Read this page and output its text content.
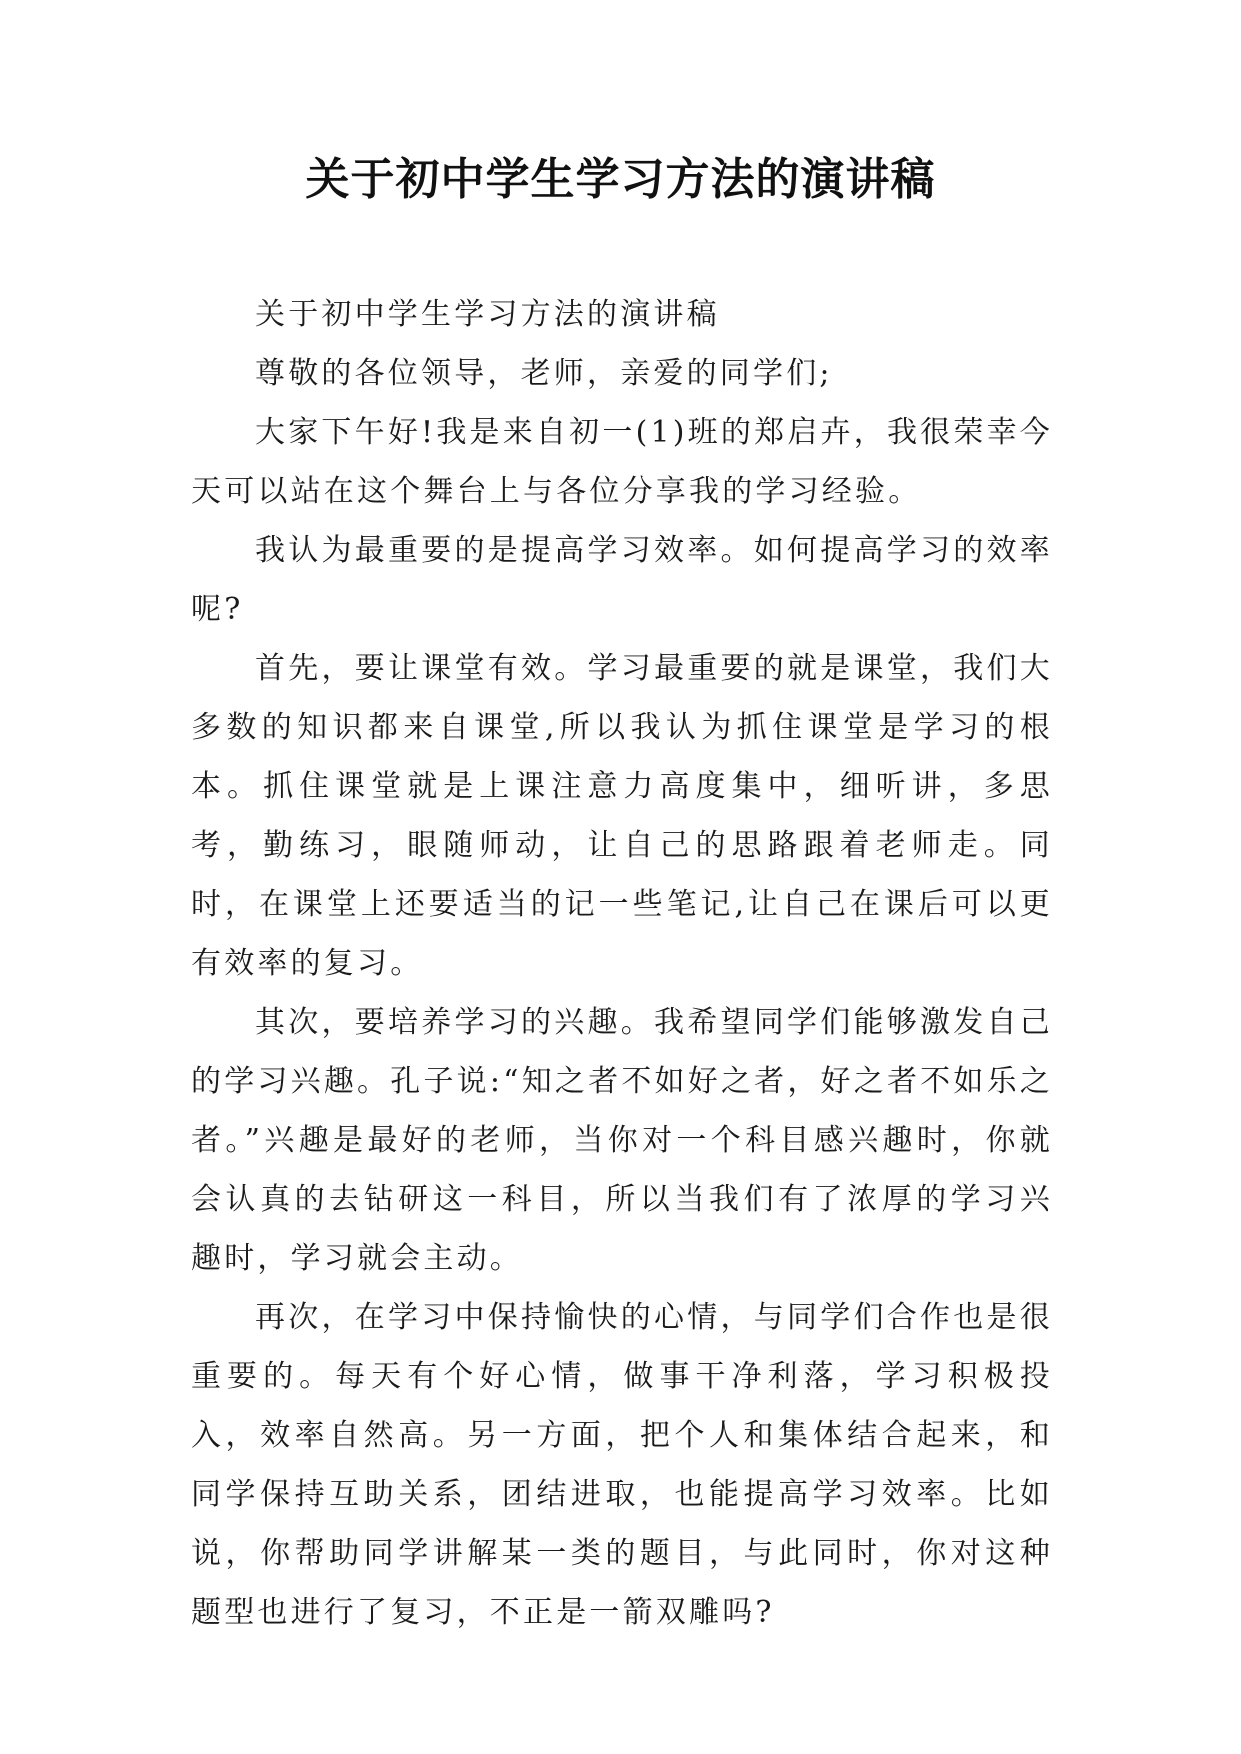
关于初中学生学习方法的演讲稿

关于初中学生学习方法的演讲稿

尊敬的各位领导，老师，亲爱的同学们;

大家下午好!我是来自初一(1)班的郑启卉，我很荣幸今天可以站在这个舞台上与各位分享我的学习经验。

我认为最重要的是提高学习效率。如何提高学习的效率呢?

首先，要让课堂有效。学习最重要的就是课堂，我们大多数的知识都来自课堂,所以我认为抓住课堂是学习的根本。抓住课堂就是上课注意力高度集中，细听讲，多思考，勤练习，眼随师动，让自己的思路跟着老师走。同时，在课堂上还要适当的记一些笔记,让自己在课后可以更有效率的复习。

其次，要培养学习的兴趣。我希望同学们能够激发自己的学习兴趣。孔子说:“知之者不如好之者，好之者不如乐之者。”兴趣是最好的老师，当你对一个科目感兴趣时，你就会认真的去钻研这一科目，所以当我们有了浓厚的学习兴趣时，学习就会主动。

再次，在学习中保持愉快的心情，与同学们合作也是很重要的。每天有个好心情，做事干净利落，学习积极投入，效率自然高。另一方面，把个人和集体结合起来，和同学保持互助关系，团结进取，也能提高学习效率。比如说，你帮助同学讲解某一类的题目，与此同时，你对这种题型也进行了复习，不正是一箭双雕吗?
